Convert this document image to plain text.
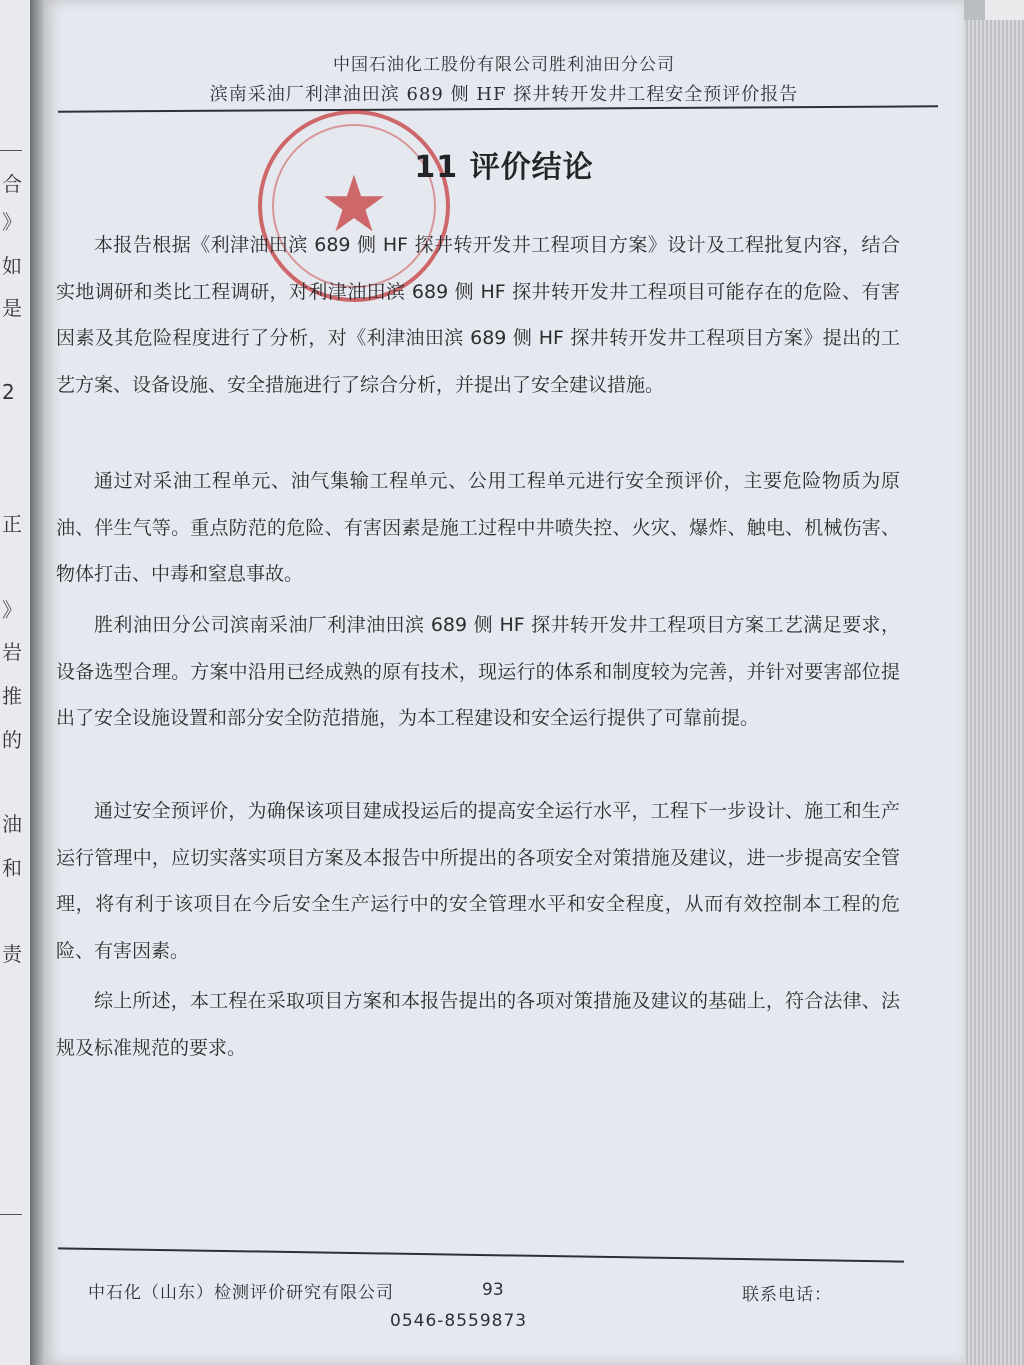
合
》
如
是
2
正
》
岩
推
的
油
和
责
中国石油化工股份有限公司胜利油田分公司
滨南采油厂利津油田滨 689 侧 HF 探井转开发井工程安全预评价报告
★ 11 评价结论

本报告根据《利津油田滨 689 侧 HF 探井转开发井工程项目方案》设计及工程批复内容，结合实地调研和类比工程调研，对利津油田滨 689 侧 HF 探井转开发井工程项目可能存在的危险、有害因素及其危险程度进行了分析，对《利津油田滨 689 侧 HF 探井转开发井工程项目方案》提出的工艺方案、设备设施、安全措施进行了综合分析，并提出了安全建议措施。

通过对采油工程单元、油气集输工程单元、公用工程单元进行安全预评价，主要危险物质为原油、伴生气等。重点防范的危险、有害因素是施工过程中井喷失控、火灾、爆炸、触电、机械伤害、物体打击、中毒和窒息事故。

胜利油田分公司滨南采油厂利津油田滨 689 侧 HF 探井转开发井工程项目方案工艺满足要求，设备选型合理。方案中沿用已经成熟的原有技术，现运行的体系和制度较为完善，并针对要害部位提出了安全设施设置和部分安全防范措施，为本工程建设和安全运行提供了可靠前提。

通过安全预评价，为确保该项目建成投运后的提高安全运行水平，工程下一步设计、施工和生产运行管理中，应切实落实项目方案及本报告中所提出的各项安全对策措施及建议，进一步提高安全管理，将有利于该项目在今后安全生产运行中的安全管理水平和安全程度，从而有效控制本工程的危险、有害因素。

综上所述，本工程在采取项目方案和本报告提出的各项对策措施及建议的基础上，符合法律、法规及标准规范的要求。

中石化（山东）检测评价研究有限公司	93	联系电话：
0546-8559873
